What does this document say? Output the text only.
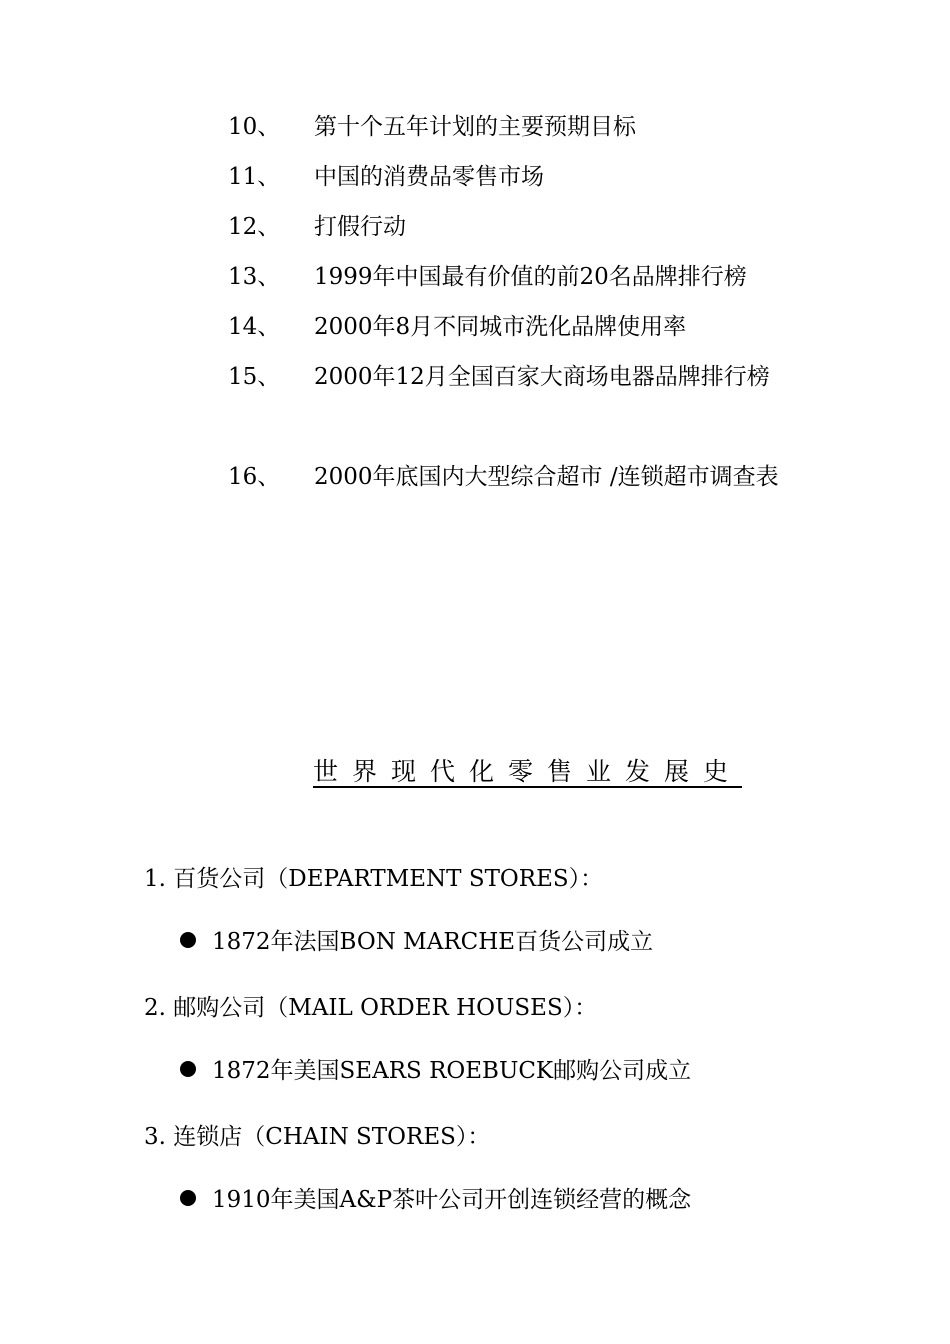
10、	第十个五年计划的主要预期目标
11、	中国的消费品零售市场
12、	打假行动
13、	1999年中国最有价值的前20名品牌排行榜
14、	2000年8月不同城市洗化品牌使用率
15、	2000年12月全国百家大商场电器品牌排行榜
16、	2000年底国内大型综合超市 /连锁超市调查表
世界现代化零售业发展史
1. 百货公司（DEPARTMENT STORES）：
1872年法国BON MARCHE百货公司成立
2. 邮购公司（MAIL ORDER HOUSES）：
1872年美国SEARS ROEBUCK邮购公司成立
3. 连锁店（CHAIN STORES）：
1910年美国A&P茶叶公司开创连锁经营的概念
